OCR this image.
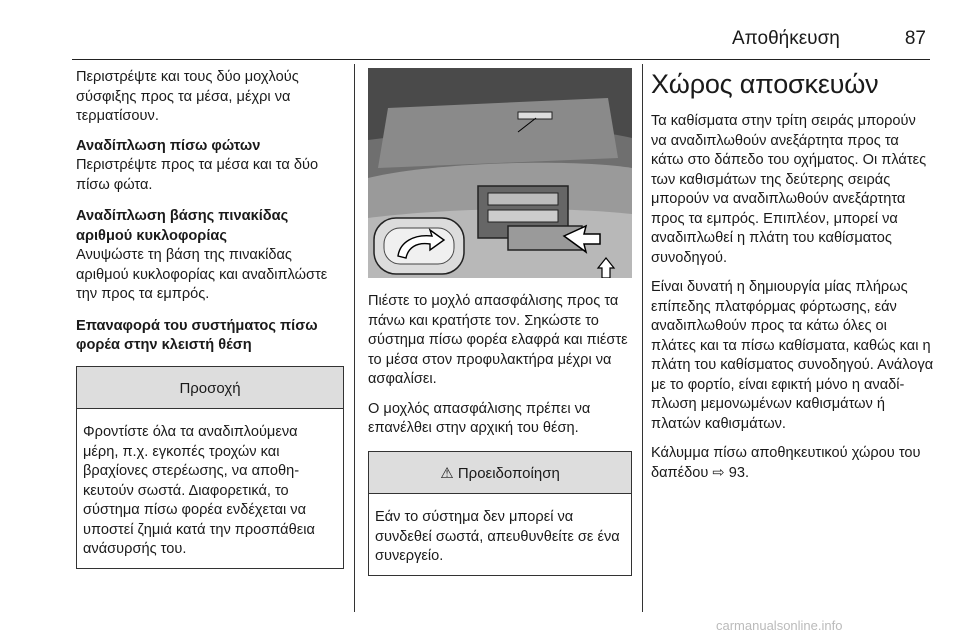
Αποθήκευση	87

Περιστρέψτε και τους δύο μοχλούς σύσφιξης προς τα μέσα, μέχρι να τερματίσουν.

Αναδίπλωση πίσω φώτων
Περιστρέψτε προς τα μέσα και τα δύο πίσω φώτα.
Αναδίπλωση βάσης πινακίδας αριθμού κυκλοφορίας
Ανυψώστε τη βάση της πινακίδας αριθμού κυκλοφορίας και αναδιπλώστε την προς τα εμπρός.
Επαναφορά του συστήματος πίσω φορέα στην κλειστή θέση
Προσοχή
Φροντίστε όλα τα αναδιπλούμενα μέρη, π.χ. εγκοπές τροχών και βραχίονες στερέωσης, να αποθηκευτούν σωστά. Διαφορετικά, το σύστημα πίσω φορέα ενδέχεται να υποστεί ζημιά κατά την προσπάθεια ανάσυρσής του.

Πιέστε το μοχλό απασφάλισης προς τα πάνω και κρατήστε τον. Σηκώστε το σύστημα πίσω φορέα ελαφρά και πιέστε το μέσα στον προφυλακτήρα μέχρι να ασφαλίσει.

Ο μοχλός απασφάλισης πρέπει να επανέλθει στην αρχική του θέση.

⚠ Προειδοποίηση
Εάν το σύστημα δεν μπορεί να συνδεθεί σωστά, απευθυνθείτε σε ένα συνεργείο.
Χώρος αποσκευών

Τα καθίσματα στην τρίτη σειράς μπορούν να αναδιπλωθούν ανεξάρτητα προς τα κάτω στο δάπεδο του οχήματος. Οι πλάτες των καθισμάτων της δεύτερης σειράς μπορούν να αναδιπλωθούν ανεξάρτητα προς τα εμπρός. Επιπλέον, μπορεί να αναδιπλωθεί η πλάτη του καθίσματος συνοδηγού.

Είναι δυνατή η δημιουργία μίας πλήρως επίπεδης πλατφόρμας φόρτωσης, εάν αναδιπλωθούν προς τα κάτω όλες οι πλάτες και τα πίσω καθίσματα, καθώς και η πλάτη του καθίσματος συνοδηγού. Ανάλογα με το φορτίο, είναι εφικτή μόνο η αναδίπλωση μεμονωμένων καθισμάτων ή πλατών καθισμάτων.

Κάλυμμα πίσω αποθηκευτικού χώρου του δαπέδου ⇨ 93.

carmanualsonline.info
